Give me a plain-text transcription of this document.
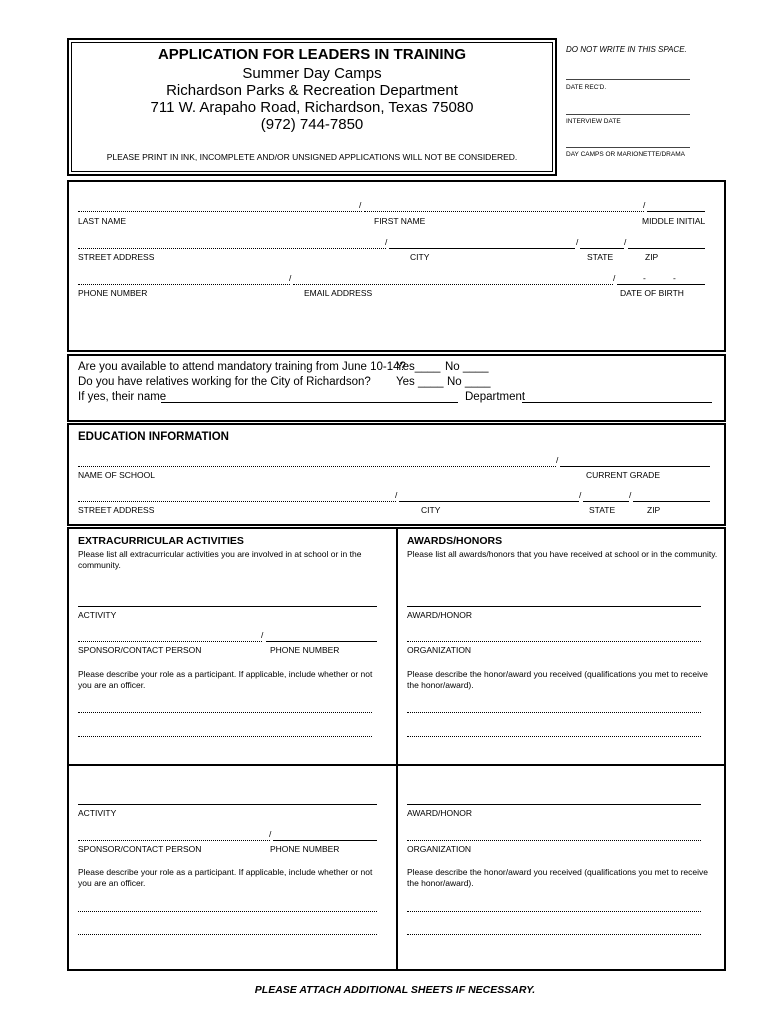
APPLICATION FOR LEADERS IN TRAINING
Summer Day Camps
Richardson Parks & Recreation Department
711 W. Arapaho Road, Richardson, Texas 75080
(972) 744-7850
PLEASE PRINT IN INK, INCOMPLETE AND/OR UNSIGNED APPLICATIONS WILL NOT BE CONSIDERED.
DO NOT WRITE IN THIS SPACE.
DATE REC'D.
INTERVIEW DATE
DAY CAMPS OR MARIONETTE/DRAMA
/	/
LAST NAME	FIRST NAME	MIDDLE INITIAL
/	/	/
STREET ADDRESS	CITY	STATE	ZIP
/	/	-	-
PHONE NUMBER	EMAIL ADDRESS	DATE OF BIRTH
Are you available to attend mandatory training from June 10-14?
Yes____ No ____
Do you have relatives working for the City of Richardson? Yes ____ No ____
If yes, their name	Department
EDUCATION INFORMATION
/
NAME OF SCHOOL	CURRENT GRADE
/	/	/
STREET ADDRESS	CITY	STATE	ZIP
EXTRACURRICULAR ACTIVITIES
Please list all extracurricular activities you are involved in at school or in the community.
ACTIVITY
/
SPONSOR/CONTACT PERSON	PHONE NUMBER
Please describe your role as a participant. If applicable, include whether or not you are an officer.
AWARDS/HONORS
Please list all awards/honors that you have received at school or in the community.
AWARD/HONOR
ORGANIZATION
Please describe the honor/award you received (qualifications you met to receive the honor/award).
ACTIVITY
/
SPONSOR/CONTACT PERSON	PHONE NUMBER
Please describe your role as a participant. If applicable, include whether or not you are an officer.
AWARD/HONOR
ORGANIZATION
Please describe the honor/award you received (qualifications you met to receive the honor/award).
PLEASE ATTACH ADDITIONAL SHEETS IF NECESSARY.
